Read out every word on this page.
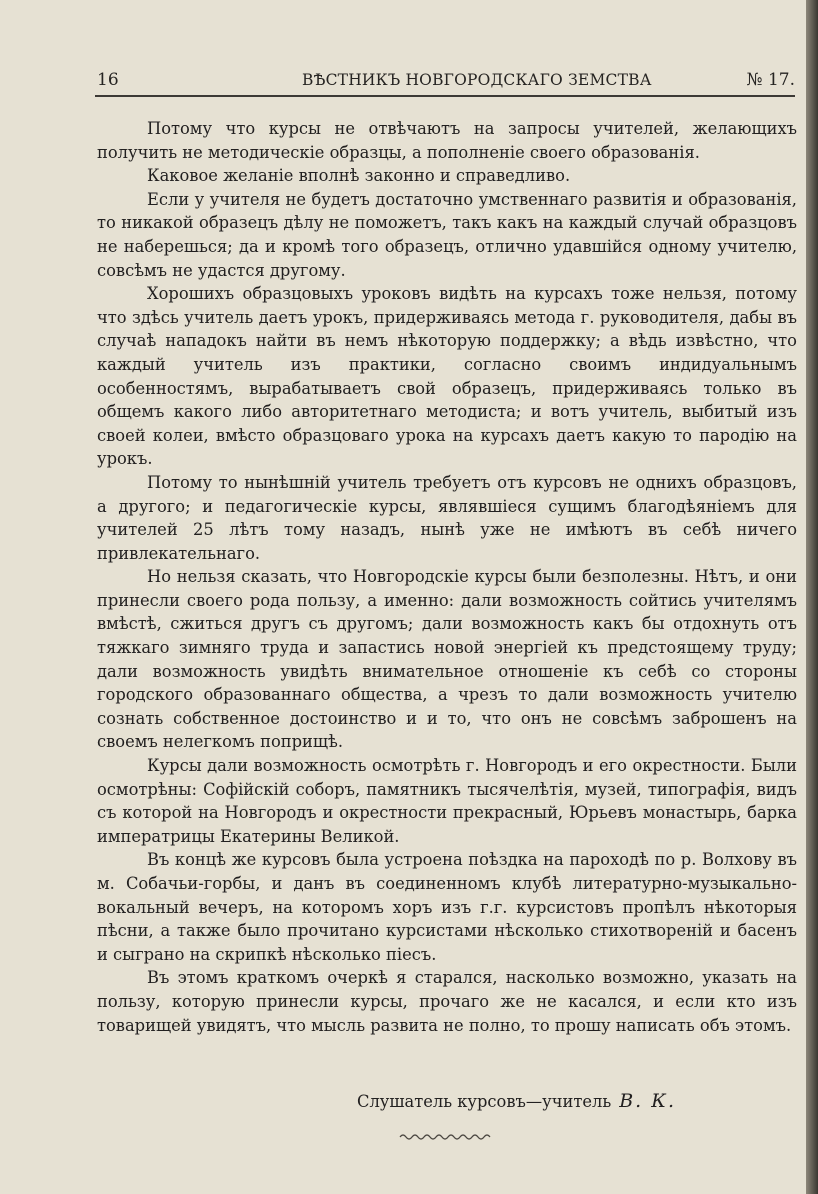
16	ВѢСТНИКЪ НОВГОРОДСКАГО ЗЕМСТВА	№ 17.

Потому что курсы не отвѣчаютъ на запросы учителей, желающихъ получить не методическіе образцы, а пополненіе своего образованія.

Каковое желаніе вполнѣ законно и справедливо.

Если у учителя не будетъ достаточно умственнаго развитія и образованія, то никакой образецъ дѣлу не поможетъ, такъ какъ на каждый случай образцовъ не наберешься; да и кромѣ того образецъ, отлично удавшійся одному учителю, совсѣмъ не удастся другому.

Хорошихъ образцовыхъ уроковъ видѣть на курсахъ тоже нельзя, потому что здѣсь учитель даетъ урокъ, придерживаясь метода г. руководителя, дабы въ случаѣ нападокъ найти въ немъ нѣкоторую поддержку; а вѣдь извѣстно, что каждый учитель изъ практики, согласно своимъ индидуальнымъ особенностямъ, вырабатываетъ свой образецъ, придерживаясь только въ общемъ какого либо авторитетнаго методиста; и вотъ учитель, выбитый изъ своей колеи, вмѣсто образцоваго урока на курсахъ даетъ какую то пародію на урокъ.

Потому то нынѣшній учитель требуетъ отъ курсовъ не однихъ образцовъ, а другого; и педагогическіе курсы, являвшіеся сущимъ благодѣяніемъ для учителей 25 лѣтъ тому назадъ, нынѣ уже не имѣютъ въ себѣ ничего привлекательнаго.

Но нельзя сказать, что Новгородскіе курсы были безполезны. Нѣтъ, и они принесли своего рода пользу, а именно: дали возможность сойтись учителямъ вмѣстѣ, сжиться другъ съ другомъ; дали возможность какъ бы отдохнуть отъ тяжкаго зимняго труда и запастись новой энергіей къ предстоящему труду; дали возможность увидѣть внимательное отношеніе къ себѣ со стороны городского образованнаго общества, а чрезъ то дали возможность учителю сознать собственное достоинство и и то, что онъ не совсѣмъ заброшенъ на своемъ нелегкомъ поприщѣ.

Курсы дали возможность осмотрѣть г. Новгородъ и его окрестности. Были осмотрѣны: Софійскій соборъ, памятникъ тысячелѣтія, музей, типографія, видъ съ которой на Новгородъ и окрестности прекрасный, Юрьевъ монастырь, барка императрицы Екатерины Великой.

Въ концѣ же курсовъ была устроена поѣздка на пароходѣ по р. Волхову въ м. Собачьи-горбы, и данъ въ соединенномъ клубѣ литературно-музыкально-вокальный вечеръ, на которомъ хоръ изъ г.г. курсистовъ пропѣлъ нѣкоторыя пѣсни, а также было прочитано курсистами нѣсколько стихотвореній и басенъ и сыграно на скрипкѣ нѣсколько піесъ.

Въ этомъ краткомъ очеркѣ я старался, насколько возможно, указать на пользу, которую принесли курсы, прочаго же не касался, и если кто изъ товарищей увидятъ, что мысль развита не полно, то прошу написать объ этомъ.

Слушатель курсовъ—учитель В. К.
